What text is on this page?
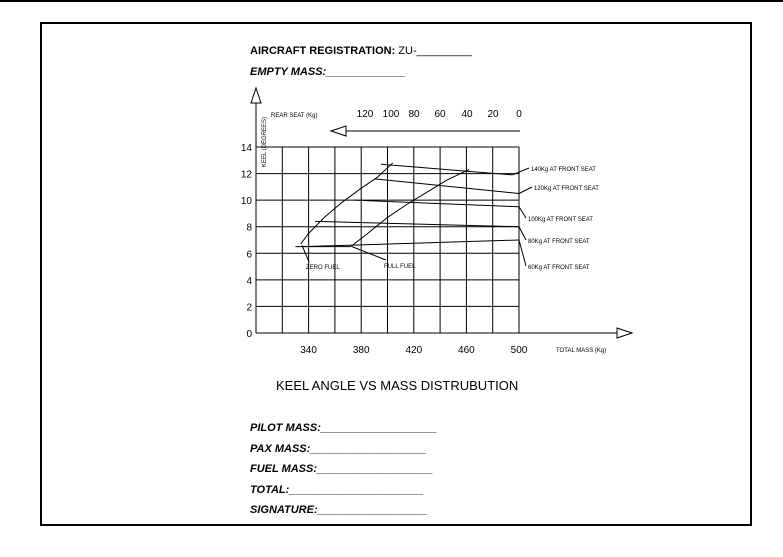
AIRCRAFT REGISTRATION: ZU-_________
EMPTY MASS:_____________
0
2
4
6
8
10
12
14
340	380	420	460	500	TOTAL MASS (Kg)
KEEL (DEGREES)
REAR SEAT (Kg)	120 100 80 60 40 20 0
140Kg AT FRONT SEAT
120Kg AT FRONT SEAT
100Kg AT FRONT SEAT
80Kg AT FRONT SEAT
60Kg AT FRONT SEAT
ZERO FUEL	FULL FUEL
KEEL ANGLE VS MASS DISTRUBUTION
PILOT MASS:___________________
PAX MASS:___________________
FUEL MASS:___________________
TOTAL:______________________
SIGNATURE:__________________
